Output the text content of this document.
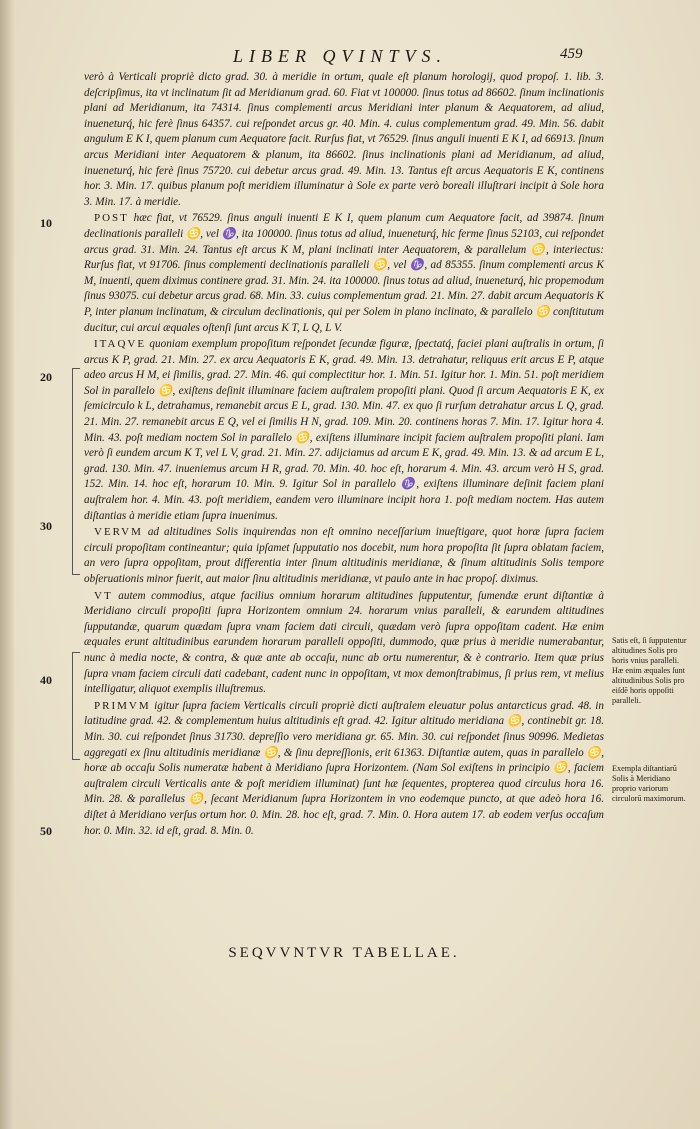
LIBER QVINTVS.	459
10
20
30
40
50

verò à Verticali propriè dicto grad. 30. à meridie in ortum, quale eſt planum horologij, quod propoſ. 1. lib. 3. deſcripſimus, ita vt inclinatum ſit ad Meridianum grad. 60. Fiat vt 100000. ſinus totus ad 86602. ſinum inclinationis plani ad Meridianum, ita 74314. ſinus complementi arcus Meridiani inter planum & Aequatorem, ad aliud, inueneturq́, hic ferè ſinus 64357. cui reſpondet arcus gr. 40. Min. 4. cuius complementum grad. 49. Min. 56. dabit angulum E K I, quem planum cum Aequatore facit. Rurſus fiat, vt 76529. ſinus anguli inuenti E K I, ad 66913. ſinum arcus Meridiani inter Aequatorem & planum, ita 86602. ſinus inclinationis plani ad Meridianum, ad aliud, inueneturq́, hic ferè ſinus 75720. cui debetur arcus grad. 49. Min. 13. Tantus eſt arcus Aequatoris E K, continens hor. 3. Min. 17. quibus planum poſt meridiem illuminatur à Sole ex parte verò boreali illuſtrari incipit à Sole hora 3. Min. 17. à meridie.

POST hæc fiat, vt 76529. ſinus anguli inuenti E K I, quem planum cum Aequatore facit, ad 39874. ſinum declinationis paralleli ♋, vel ♑, ita 100000. ſinus totus ad aliud, inueneturq́, hic ferme ſinus 52103, cui reſpondet arcus grad. 31. Min. 24. Tantus eſt arcus K M, plani inclinati inter Aequatorem, & parallelum ♋, interiectus: Rurſus fiat, vt 91706. ſinus complementi declinationis paralleli ♋, vel ♑, ad 85355. ſinum complementi arcus K M, inuenti, quem diximus continere grad. 31. Min. 24. ita 100000. ſinus totus ad aliud, inueneturq́, hic propemodum ſinus 93075. cui debetur arcus grad. 68. Min. 33. cuius complementum grad. 21. Min. 27. dabit arcum Aequatoris K P, inter planum inclinatum, & circulum declinationis, qui per Solem in plano inclinato, & parallelo ♋ conſtitutum ducitur, cui arcui æquales oſtenſi ſunt arcus K T, L Q, L V.

ITAQVE quoniam exemplum propoſitum reſpondet ſecundæ figuræ, ſpectatq́, faciei plani auſtralis in ortum, ſi arcus K P, grad. 21. Min. 27. ex arcu Aequatoris E K, grad. 49. Min. 13. detrahatur, reliquus erit arcus E P, atque adeo arcus H M, ei ſimilis, grad. 27. Min. 46. qui complectitur hor. 1. Min. 51. Igitur hor. 1. Min. 51. poſt meridiem Sol in parallelo ♋, exiſtens deſinit illuminare faciem auſtralem propoſiti plani. Quod ſi arcum Aequatoris E K, ex ſemicirculo k L, detrahamus, remanebit arcus E L, grad. 130. Min. 47. ex quo ſi rurſum detrahatur arcus L Q, grad. 21. Min. 27. remanebit arcus E Q, vel ei ſimilis H N, grad. 109. Min. 20. continens horas 7. Min. 17. Igitur hora 4. Min. 43. poſt mediam noctem Sol in parallelo ♋, exiſtens illuminare incipit faciem auſtralem propoſiti plani. Iam verò ſi eundem arcum K T, vel L V, grad. 21. Min. 27. adijciamus ad arcum E K, grad. 49. Min. 13. & ad arcum E L, grad. 130. Min. 47. inueniemus arcum H R, grad. 70. Min. 40. hoc eſt, horarum 4. Min. 43. arcum verò H S, grad. 152. Min. 14. hoc eſt, horarum 10. Min. 9. Igitur Sol in parallelo ♑, exiſtens illuminare deſinit faciem plani auſtralem hor. 4. Min. 43. poſt meridiem, eandem vero illuminare incipit hora 1. poſt mediam noctem. Has autem diſtantias à meridie etiam ſupra inuenimus.

VERVM ad altitudines Solis inquirendas non eſt omnino neceſſarium inueſtigare, quot horæ ſupra faciem circuli propoſitam contineantur; quia ipſamet ſupputatio nos docebit, num hora propoſita ſit ſupra oblatam faciem, an vero ſupra oppoſitam, prout differentia inter ſinum altitudinis meridianæ, & ſinum altitudinis Solis tempore obſeruationis minor fuerit, aut maior ſinu altitudinis meridianæ, vt paulo ante in hac propoſ. diximus.

VT autem commodius, atque facilius omnium horarum altitudines ſupputentur, ſumendæ erunt diſtantiæ à Meridiano circuli propoſiti ſupra Horizontem omnium 24. horarum vnius paralleli, & earundem altitudines ſupputandæ, quarum quædam ſupra vnam faciem dati circuli, quædam verò ſupra oppoſitam cadent. Hæ enim æquales erunt altitudinibus earundem horarum paralleli oppoſiti, dummodo, quæ prius à meridie numerabantur, nunc à media nocte, & contra, & quæ ante ab occaſu, nunc ab ortu numerentur, & è contrario. Item quæ prius ſupra vnam faciem circuli dati cadebant, cadent nunc in oppoſitam, vt mox demonſtrabimus, ſi prius rem, vt melius intelligatur, aliquot exemplis illuſtremus.

PRIMVM igitur ſupra faciem Verticalis circuli propriè dicti auſtralem eleuatur polus antarcticus grad. 48. in latitudine grad. 42. & complementum huius altitudinis eſt grad. 42. Igitur altitudo meridiana ♋, continebit gr. 18. Min. 30. cui reſpondet ſinus 31730. depreſſio vero meridiana gr. 65. Min. 30. cui reſpondet ſinus 90996. Medietas aggregati ex ſinu altitudinis meridianæ ♋, & ſinu depreſſionis, erit 61363. Diſtantiæ autem, quas in parallelo ♋, horæ ab occaſu Solis numeratæ habent à Meridiano ſupra Horizontem. (Nam Sol exiſtens in principio ♋, faciem auſtralem circuli Verticalis ante & poſt meridiem illuminat) ſunt hæ ſequentes, propterea quod circulus hora 16. Min. 28. & parallelus ♋, ſecant Meridianum ſupra Horizontem in vno eodemque puncto, at que adeò hora 16. diſtet à Meridiano verſus ortum hor. 0. Min. 28. hoc eſt, grad. 7. Min. 0. Hora autem 17. ab eodem verſus occaſum hor. 0. Min. 32. id eſt, grad. 8. Min. 0.

Satis eſt, ſi ſupputentur altitudines Solis pro horis vnius paralleli. Hæ enim æquales ſunt altitudinibus Solis pro eiſdē horis oppoſiti paralleli.
Exempla diſtantiarū Solis à Meridiano proprio variorum circulorū maximorum.
SEQVVNTVR TABELLAE.
